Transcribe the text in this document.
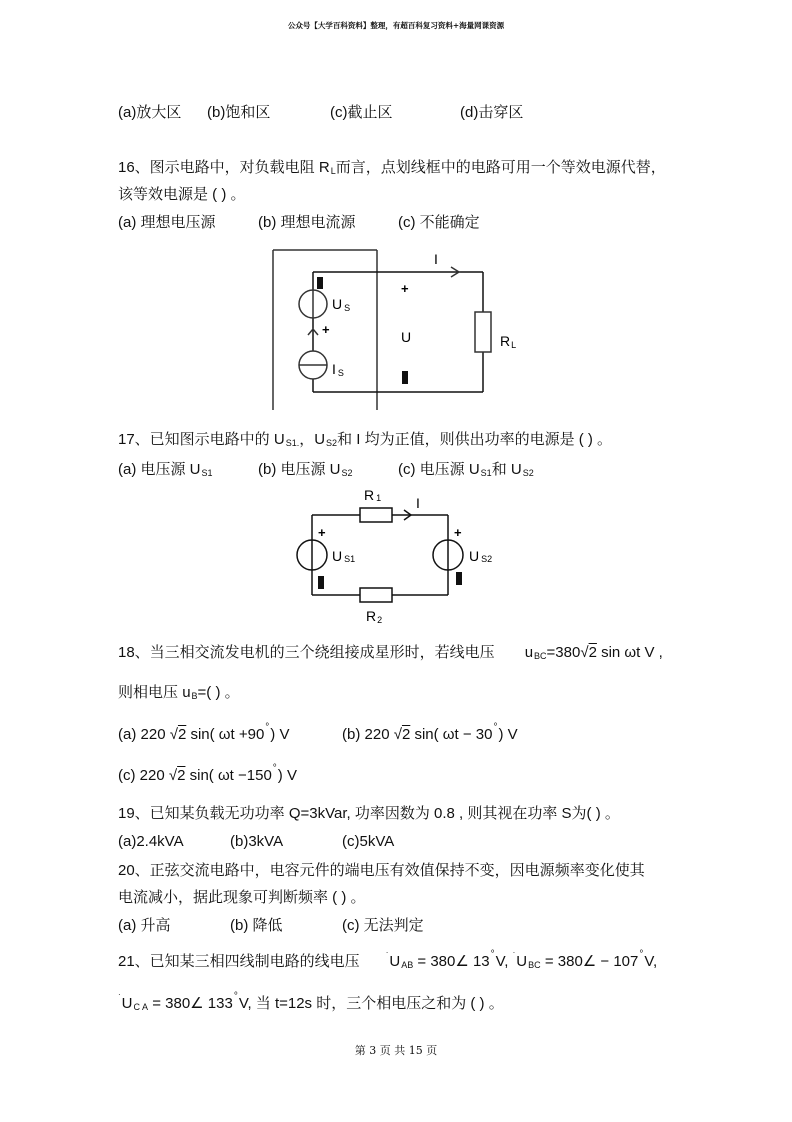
公众号【大学百科资料】整理，有超百科复习资料+海量网课资源
(a)放大区 (b)饱和区	(c)截止区	(d)击穿区
16、图示电路中，对负载电阻 $R_L$而言，点划线框中的电路可用一个等效电源代替，
该等效电源是 ( ) 。
(a) 理想电压源	(b) 理想电流源	(c) 不能确定
I
U S
I S
+
+
U	RL
17、已知图示电路中的 $U_{S1.}$，$U_{S2}$和 I 均为正值，则供出功率的电源是 ( ) 。
(a) 电压源 $U_{S1}$	(b) 电压源 $U_{S2}$	(c) 电压源 $U_{S1}$和 $U_{S2}$
R 1
R2
I
+	+
U S1	U S2
18、当三相交流发电机的三个绕组接成星形时，若线电压 $u_{BC}=380√2$ sin ωt V ,
则相电压 $u_B=$( ) 。
(a) 220 √2 sin( ωt +90°) V	(b) 220 √2 sin( ωt − 30°) V
(c) 220 √2 sin( ωt −150°) V
19、已知某负载无功功率 Q=3kVar, 功率因数为 0.8 , 则其视在功率 S为( ) 。
(a)2.4kVA	(b)3kVA	(c)5kVA
20、正弦交流电路中，电容元件的端电压有效值保持不变，因电源频率变化使其
电流减小，据此现象可判断频率 ( ) 。
(a) 升高	(b) 降低	(c) 无法判定
21、已知某三相四线制电路的线电压$^\cdot U_{AB}$ = 380∠ 13°V, $^\cdot U_{BC}$ = 380∠ − 107°V,
$^\cdot U_{C A}$ = 380∠ 133°V, 当 t=12s 时，三个相电压之和为 ( ) 。
第 3 页 共 15 页
